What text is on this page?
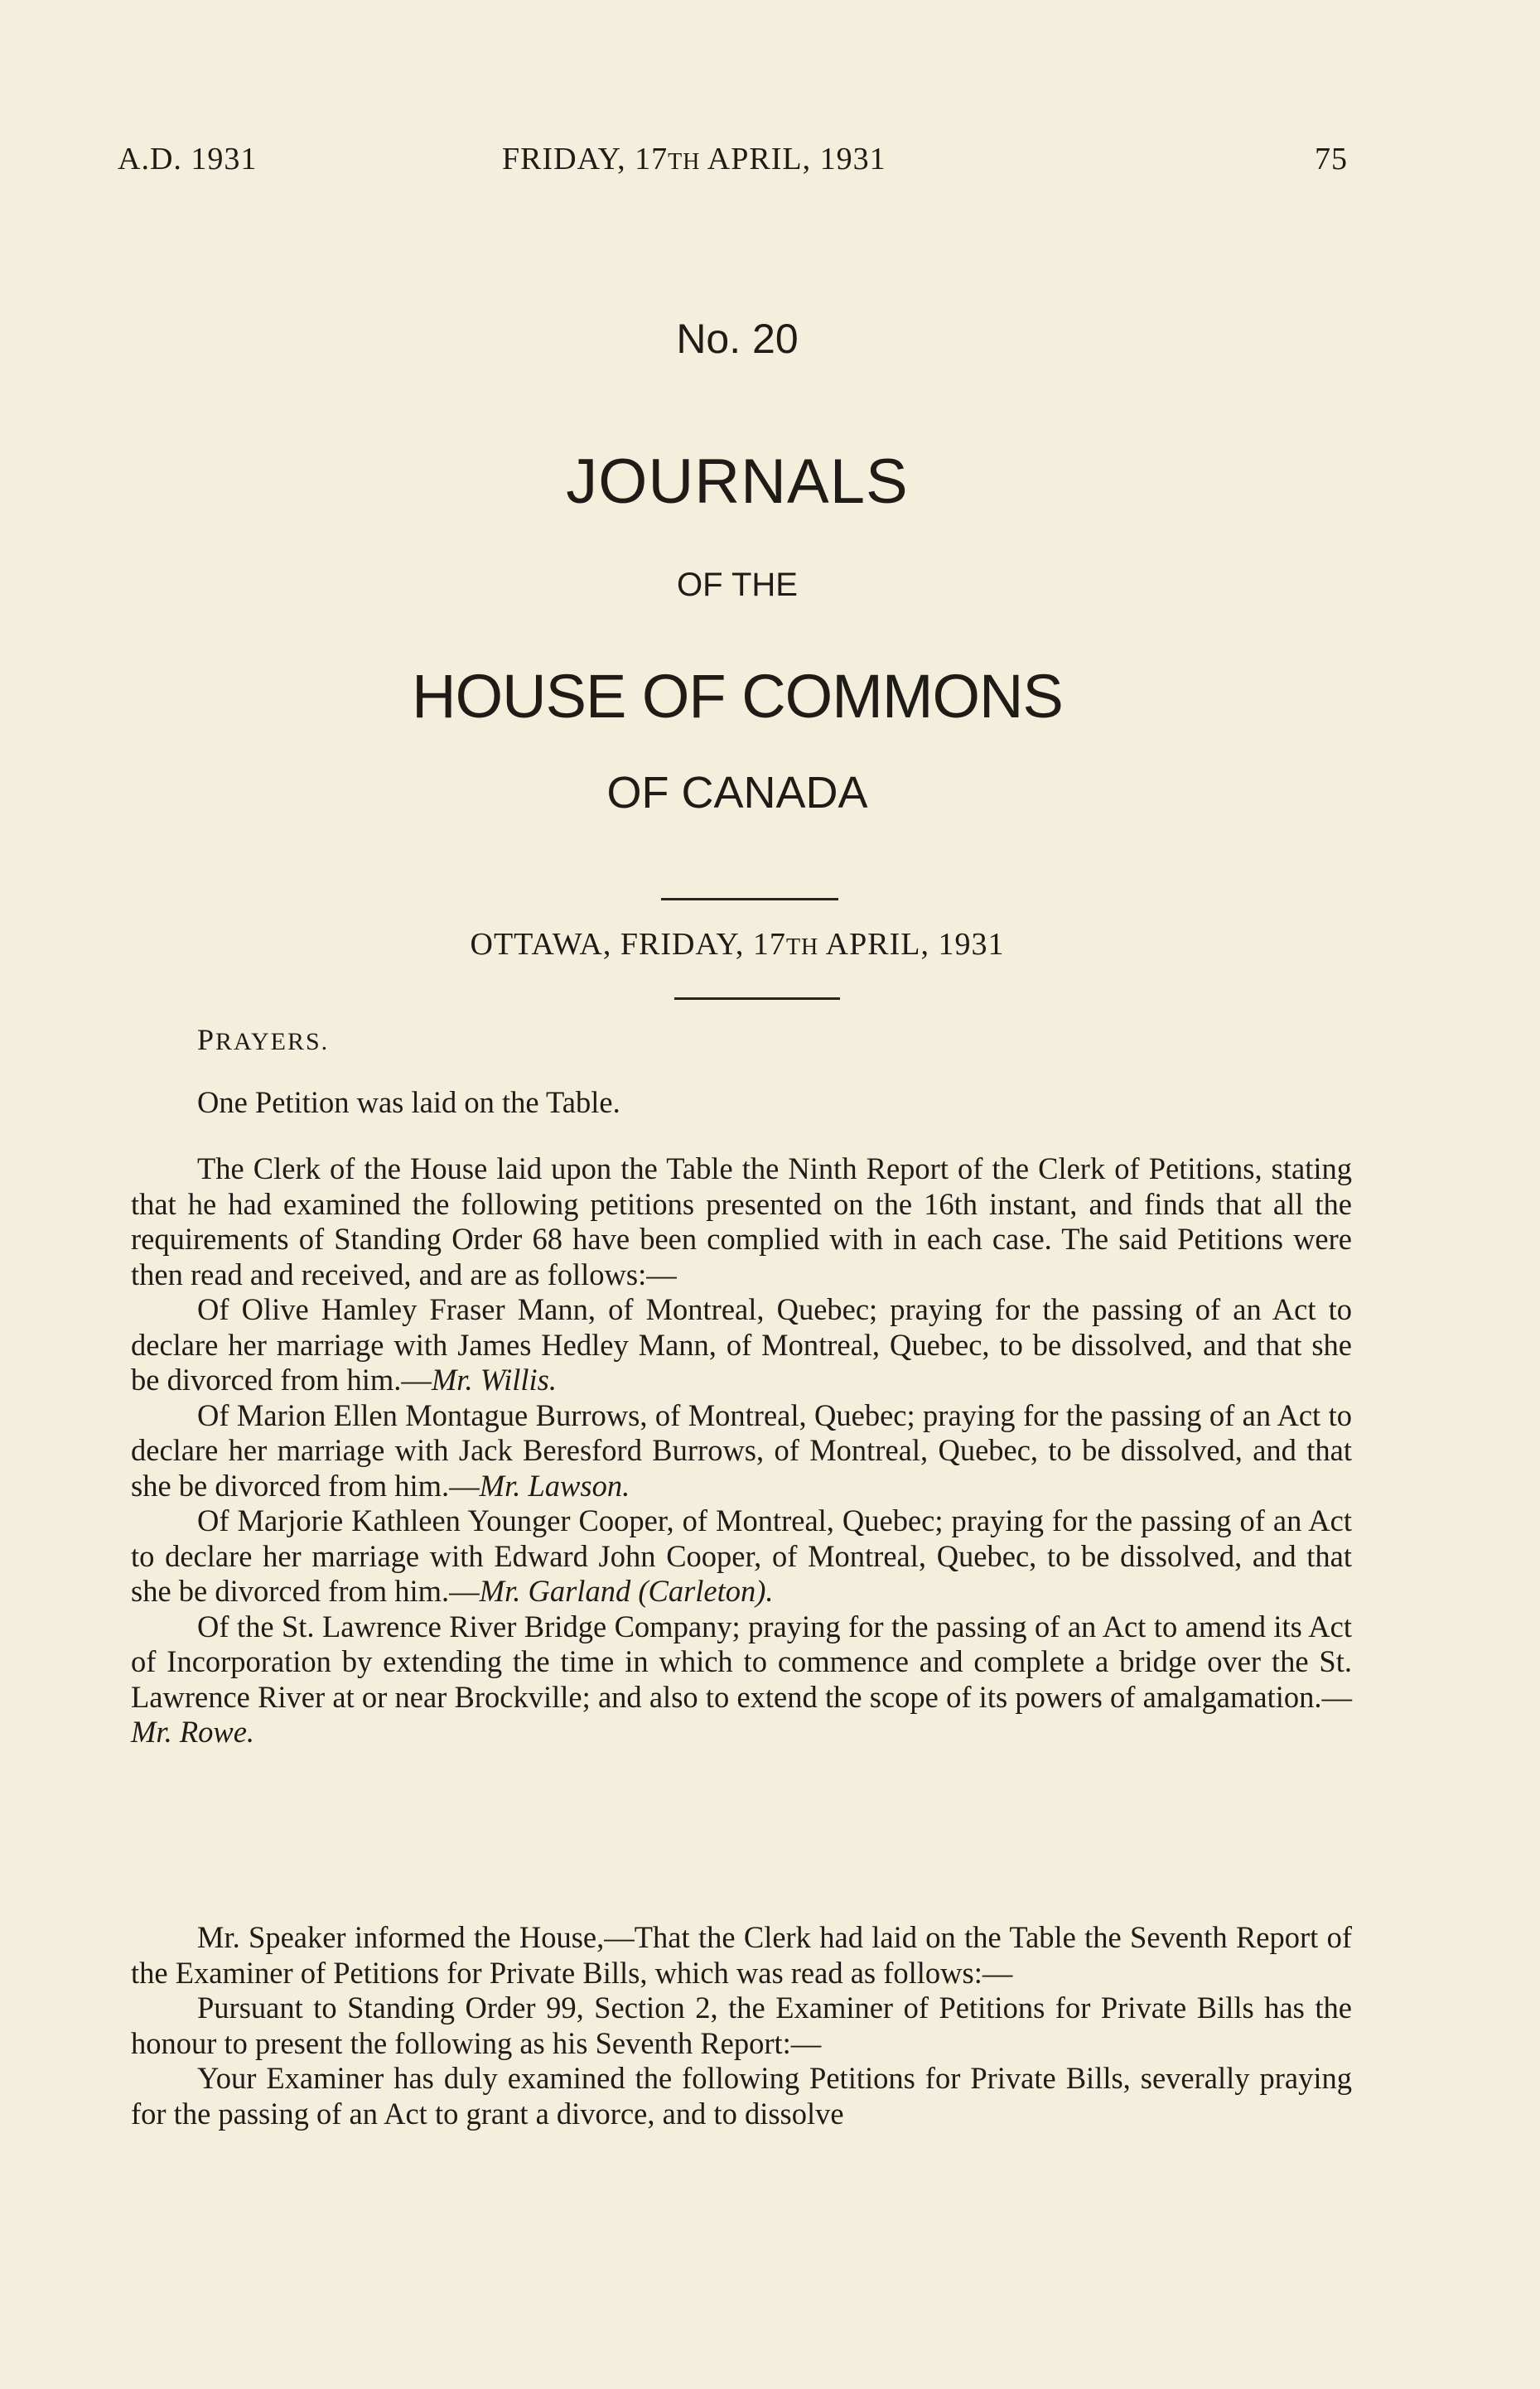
A.D. 1931	FRIDAY, 17TH APRIL, 1931	75
No. 20
JOURNALS
OF THE
HOUSE OF COMMONS
OF CANADA
OTTAWA, FRIDAY, 17TH APRIL, 1931
PRAYERS.

One Petition was laid on the Table.

The Clerk of the House laid upon the Table the Ninth Report of the Clerk of Petitions, stating that he had examined the following petitions presented on the 16th instant, and finds that all the requirements of Standing Order 68 have been complied with in each case. The said Petitions were then read and received, and are as follows:—

Of Olive Hamley Fraser Mann, of Montreal, Quebec; praying for the passing of an Act to declare her marriage with James Hedley Mann, of Montreal, Quebec, to be dissolved, and that she be divorced from him.—Mr. Willis.

Of Marion Ellen Montague Burrows, of Montreal, Quebec; praying for the passing of an Act to declare her marriage with Jack Beresford Burrows, of Montreal, Quebec, to be dissolved, and that she be divorced from him.—Mr. Lawson.

Of Marjorie Kathleen Younger Cooper, of Montreal, Quebec; praying for the passing of an Act to declare her marriage with Edward John Cooper, of Montreal, Quebec, to be dissolved, and that she be divorced from him.—Mr. Garland (Carleton).

Of the St. Lawrence River Bridge Company; praying for the passing of an Act to amend its Act of Incorporation by extending the time in which to commence and complete a bridge over the St. Lawrence River at or near Brockville; and also to extend the scope of its powers of amalgamation.—Mr. Rowe.

Mr. Speaker informed the House,—That the Clerk had laid on the Table the Seventh Report of the Examiner of Petitions for Private Bills, which was read as follows:—

Pursuant to Standing Order 99, Section 2, the Examiner of Petitions for Private Bills has the honour to present the following as his Seventh Report:—

Your Examiner has duly examined the following Petitions for Private Bills, severally praying for the passing of an Act to grant a divorce, and to dissolve
